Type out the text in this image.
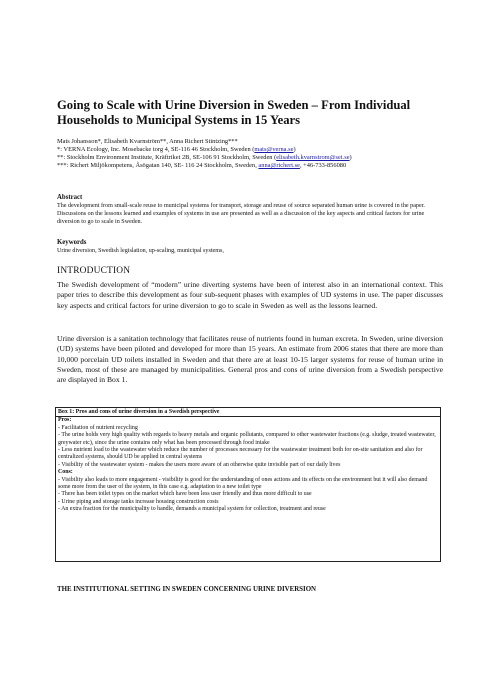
Going to Scale with Urine Diversion in Sweden – From Individual Households to Municipal Systems in 15 Years
Mats Johansson*, Elisabeth Kvarnström**, Anna Richert Stintzing***
*: VERNA Ecology, Inc. Mosebacke torg 4, SE-116 46 Stockholm, Sweden (mats@verna.se)
**: Stockholm Environment Institute, Kräftriket 2B, SE-106 91 Stockholm, Sweden (elisabeth.kvarnstrom@sei.se)
***: Richert Miljökompetens, Åsögatan 140, SE- 116 24 Stockholm, Sweden, anna@richert.se, +46-733-856080
Abstract

The development from small-scale reuse to municipal systems for transport, storage and reuse of source separated human urine is covered in the paper. Discussions on the lessons learned and examples of systems in use are presented as well as a discussion of the key aspects and critical factors for urine diversion to go to scale in Sweden.

Keywords

Urine diversion, Swedish legislation, up-scaling, municipal systems,

INTRODUCTION

The Swedish development of “modern” urine diverting systems have been of interest also in an international context. This paper tries to describe this development as four sub-sequent phases with examples of UD systems in use. The paper discusses key aspects and critical factors for urine diversion to go to scale in Sweden as well as the lessons learned.

Urine diversion is a sanitation technology that facilitates reuse of nutrients found in human excreta. In Sweden, urine diversion (UD) systems have been piloted and developed for more than 15 years. An estimate from 2006 states that there are more than 10,000 porcelain UD toilets installed in Sweden and that there are at least 10-15 larger systems for reuse of human urine in Sweden, most of these are managed by municipalities. General pros and cons of urine diversion from a Swedish perspective are displayed in Box 1.

Box 1: Pros and cons of urine diversion in a Swedish perspective
Pros:
- Facilitation of nutrient recycling
- The urine holds very high quality with regards to heavy metals and organic pollutants, compared to other wastewater fractions (e.g. sludge, treated wastewater, greywater etc), since the urine contains only what has been processed through food intake
- Less nutrient load to the wastewater which reduce the number of processes necessary for the wastewater treatment both for on-site sanitation and also for centralized systems, should UD be applied in central systems
- Visibility of the wastewater system - makes the users more aware of an otherwise quite invisible part of our daily lives
Cons:
- Visibility also leads to more engagement - visibility is good for the understanding of ones actions and its effects on the environment but it will also demand some more from the user of the system, in this case e.g. adaptation to a new toilet type
- There has been toilet types on the market which have been less user friendly and thus more difficult to use
- Urine piping and storage tanks increase housing construction costs
- An extra fraction for the municipality to handle, demands a municipal system for collection, treatment and reuse
THE INSTITUTIONAL SETTING IN SWEDEN CONCERNING URINE DIVERSION
